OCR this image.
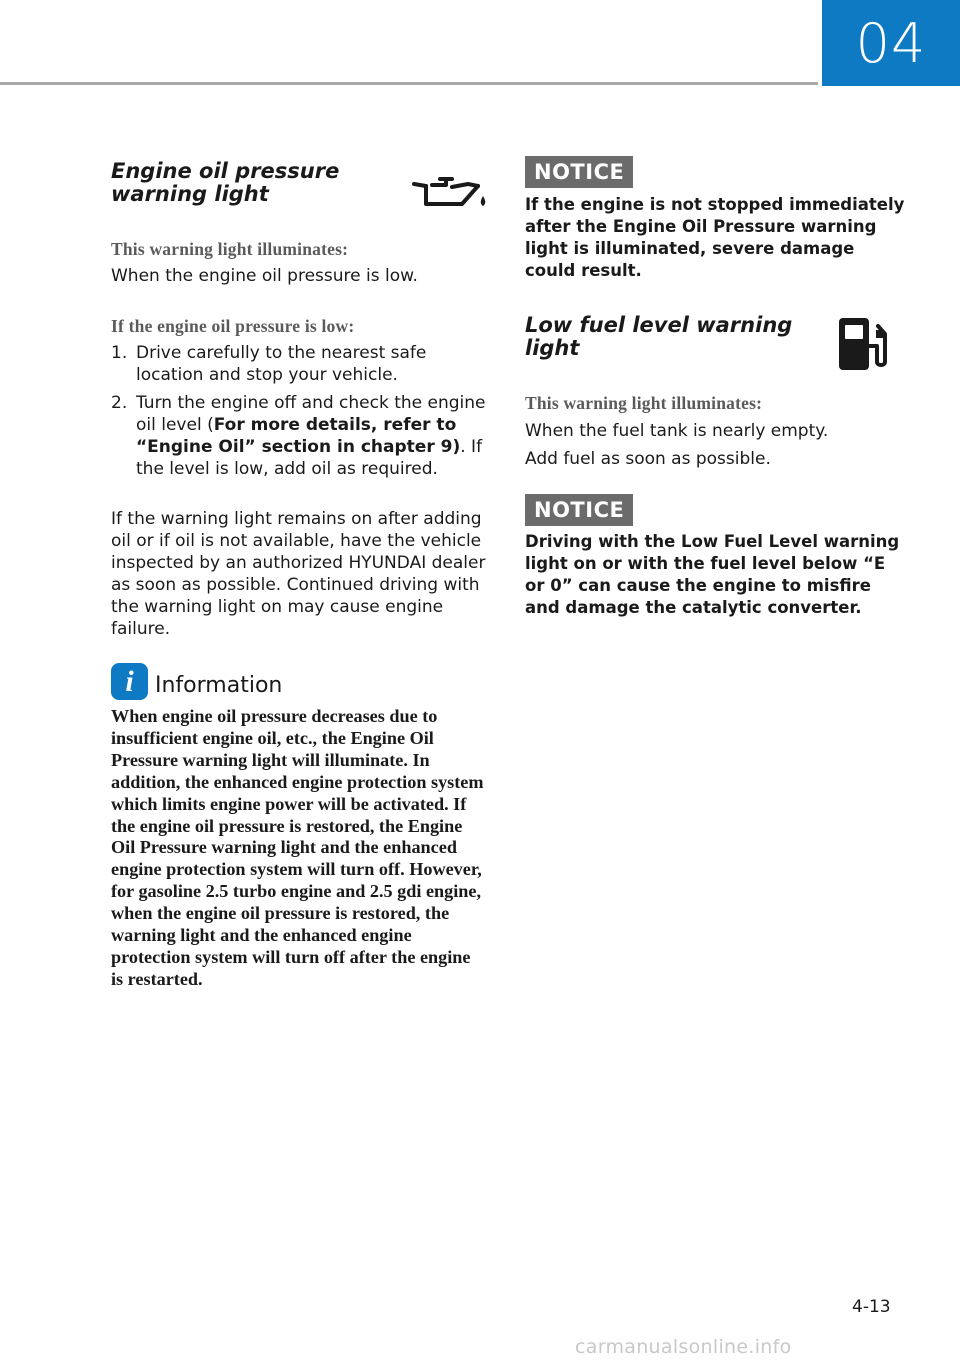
04
Engine oil pressure warning light
This warning light illuminates:

When the engine oil pressure is low.

If the engine oil pressure is low:
1. Drive carefully to the nearest safe location and stop your vehicle.
2. Turn the engine off and check the engine oil level (For more details, refer to “Engine Oil” section in chapter 9). If the level is low, add oil as required.

If the warning light remains on after adding oil or if oil is not available, have the vehicle inspected by an authorized HYUNDAI dealer as soon as possible. Continued driving with the warning light on may cause engine failure.

i Information

When engine oil pressure decreases due to insufficient engine oil, etc., the Engine Oil Pressure warning light will illuminate. In addition, the enhanced engine protection system which limits engine power will be activated. If the engine oil pressure is restored, the Engine Oil Pressure warning light and the enhanced engine protection system will turn off. However, for gasoline 2.5 turbo engine and 2.5 gdi engine, when the engine oil pressure is restored, the warning light and the enhanced engine protection system will turn off after the engine is restarted.

NOTICE

If the engine is not stopped immediately after the Engine Oil Pressure warning light is illuminated, severe damage could result.

Low fuel level warning light
This warning light illuminates:

When the fuel tank is nearly empty.

Add fuel as soon as possible.

NOTICE

Driving with the Low Fuel Level warning light on or with the fuel level below “E or 0” can cause the engine to misfire and damage the catalytic converter.

4-13
carmanualsonline.info
